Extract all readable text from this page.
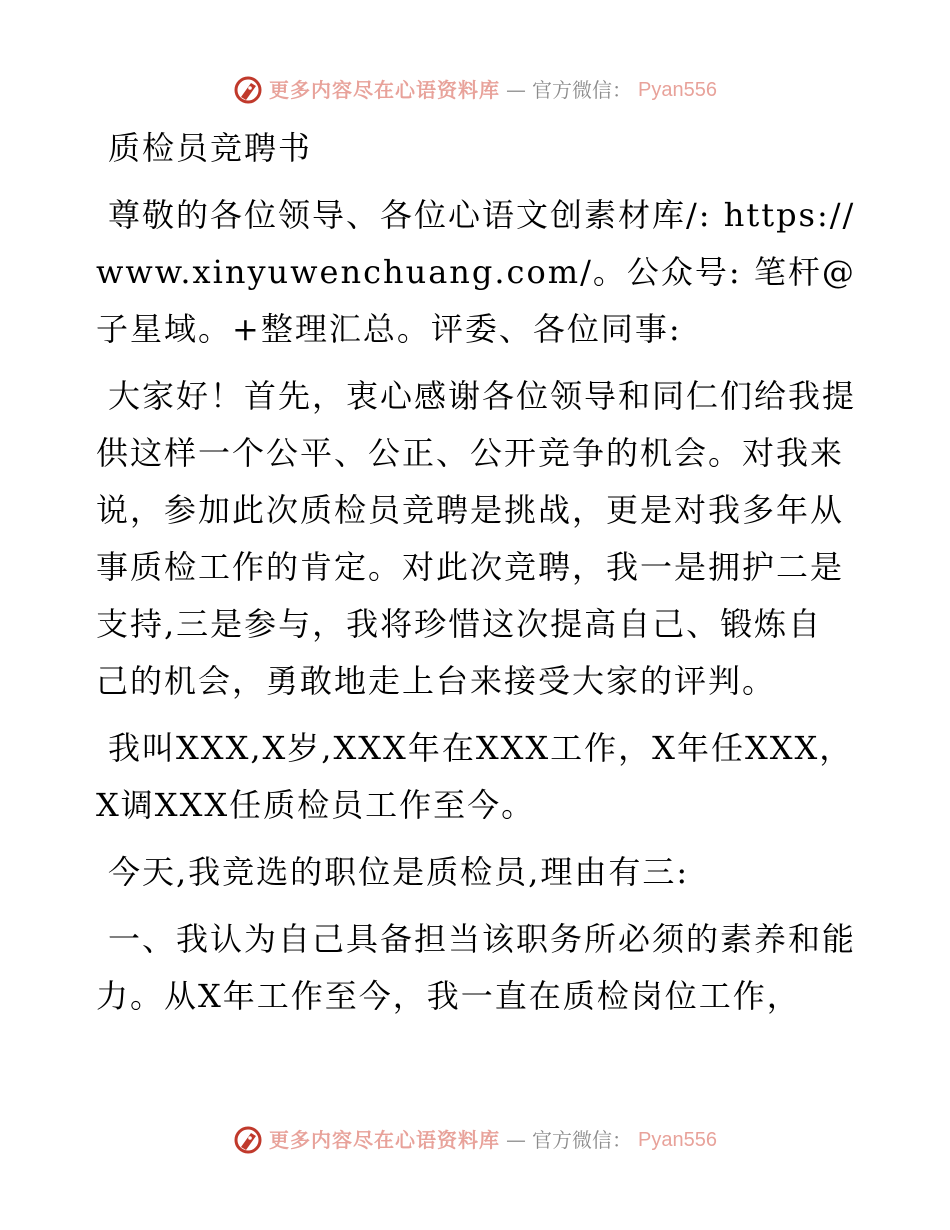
更多内容尽在心语资料库 — 官方微信： Pyan556

质检员竞聘书

尊敬的各位领导、各位心语文创素材库/: https://www.xinyuwenchuang.com/。公众号: 笔杆@子星域。+整理汇总。评委、各位同事:

大家好！首先，衷心感谢各位领导和同仁们给我提供这样一个公平、公正、公开竞争的机会。对我来说，参加此次质检员竞聘是挑战，更是对我多年从事质检工作的肯定。对此次竞聘，我一是拥护二是支持,三是参与，我将珍惜这次提高自己、锻炼自己的机会，勇敢地走上台来接受大家的评判。

我叫XXX,X岁,XXX年在XXX工作，X年任XXX，X调XXX任质检员工作至今。

今天,我竞选的职位是质检员,理由有三:

一、我认为自己具备担当该职务所必须的素养和能力。从X年工作至今，我一直在质检岗位工作，

更多内容尽在心语资料库 — 官方微信： Pyan556
